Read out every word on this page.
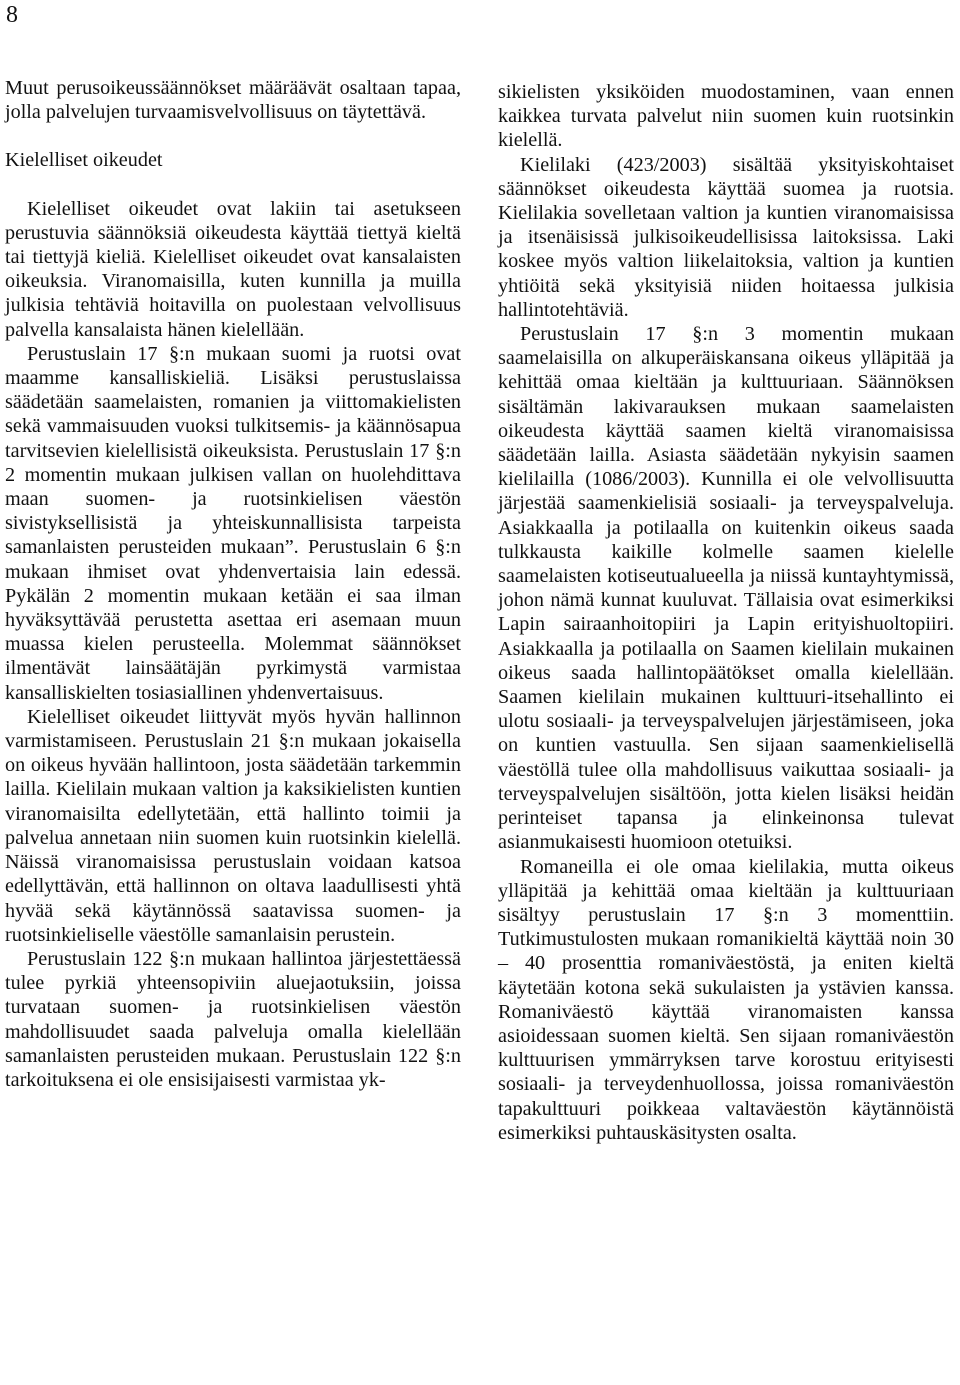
8

Muut perusoikeussäännökset määräävät osaltaan tapaa, jolla palvelujen turvaamisvelvollisuus on täytettävä.

Kielelliset oikeudet

Kielelliset oikeudet ovat lakiin tai asetukseen perustuvia säännöksiä oikeudesta käyttää tiettyä kieltä tai tiettyjä kieliä. Kielelliset oikeudet ovat kansalaisten oikeuksia. Viranomaisilla, kuten kunnilla ja muilla julkisia tehtäviä hoitavilla on puolestaan velvollisuus palvella kansalaista hänen kielellään.

Perustuslain 17 §:n mukaan suomi ja ruotsi ovat maamme kansalliskieliä. Lisäksi perustuslaissa säädetään saamelaisten, romanien ja viittomakielisten sekä vammaisuuden vuoksi tulkitsemis- ja käännösapua tarvitsevien kielellisistä oikeuksista. Perustuslain 17 §:n 2 momentin mukaan julkisen vallan on huolehdittava maan suomen- ja ruotsinkielisen väestön sivistyksellisistä ja yhteiskunnallisista tarpeista samanlaisten perusteiden mukaan”. Perustuslain 6 §:n mukaan ihmiset ovat yhdenvertaisia lain edessä. Pykälän 2 momentin mukaan ketään ei saa ilman hyväksyttävää perustetta asettaa eri asemaan muun muassa kielen perusteella. Molemmat säännökset ilmentävät lainsäätäjän pyrkimystä varmistaa kansalliskielten tosiasiallinen yhdenvertaisuus.

Kielelliset oikeudet liittyvät myös hyvän hallinnon varmistamiseen. Perustuslain 21 §:n mukaan jokaisella on oikeus hyvään hallintoon, josta säädetään tarkemmin lailla. Kielilain mukaan valtion ja kaksikielisten kuntien viranomaisilta edellytetään, että hallinto toimii ja palvelua annetaan niin suomen kuin ruotsinkin kielellä. Näissä viranomaisissa perustuslain voidaan katsoa edellyttävän, että hallinnon on oltava laadullisesti yhtä hyvää sekä käytännössä saatavissa suomen- ja ruotsinkieliselle väestölle samanlaisin perustein.

Perustuslain 122 §:n mukaan hallintoa järjestettäessä tulee pyrkiä yhteensopiviin aluejaotuksiin, joissa turvataan suomen- ja ruotsinkielisen väestön mahdollisuudet saada palveluja omalla kielellään samanlaisten perusteiden mukaan. Perustuslain 122 §:n tarkoituksena ei ole ensisijaisesti varmistaa yk-

sikielisten yksiköiden muodostaminen, vaan ennen kaikkea turvata palvelut niin suomen kuin ruotsinkin kielellä.

Kielilaki (423/2003) sisältää yksityiskohtaiset säännökset oikeudesta käyttää suomea ja ruotsia. Kielilakia sovelletaan valtion ja kuntien viranomaisissa ja itsenäisissä julkisoikeudellisissa laitoksissa. Laki koskee myös valtion liikelaitoksia, valtion ja kuntien yhtiöitä sekä yksityisiä niiden hoitaessa julkisia hallintotehtäviä.

Perustuslain 17 §:n 3 momentin mukaan saamelaisilla on alkuperäiskansana oikeus ylläpitää ja kehittää omaa kieltään ja kulttuuriaan. Säännöksen sisältämän lakivarauksen mukaan saamelaisten oikeudesta käyttää saamen kieltä viranomaisissa säädetään lailla. Asiasta säädetään nykyisin saamen kielilailla (1086/2003). Kunnilla ei ole velvollisuutta järjestää saamenkielisiä sosiaali- ja terveyspalveluja. Asiakkaalla ja potilaalla on kuitenkin oikeus saada tulkkausta kaikille kolmelle saamen kielelle saamelaisten kotiseutualueella ja niissä kuntayhtymissä, johon nämä kunnat kuuluvat. Tällaisia ovat esimerkiksi Lapin sairaanhoitopiiri ja Lapin erityishuoltopiiri. Asiakkaalla ja potilaalla on Saamen kielilain mukainen oikeus saada hallintopäätökset omalla kielellään. Saamen kielilain mukainen kulttuuri-itsehallinto ei ulotu sosiaali- ja terveyspalvelujen järjestämiseen, joka on kuntien vastuulla. Sen sijaan saamenkielisellä väestöllä tulee olla mahdollisuus vaikuttaa sosiaali- ja terveyspalvelujen sisältöön, jotta kielen lisäksi heidän perinteiset tapansa ja elinkeinonsa tulevat asianmukaisesti huomioon otetuiksi.

Romaneilla ei ole omaa kielilakia, mutta oikeus ylläpitää ja kehittää omaa kieltään ja kulttuuriaan sisältyy perustuslain 17 §:n 3 momenttiin. Tutkimustulosten mukaan romanikieltä käyttää noin 30 – 40 prosenttia romaniväestöstä, ja eniten kieltä käytetään kotona sekä sukulaisten ja ystävien kanssa. Romaniväestö käyttää viranomaisten kanssa asioidessaan suomen kieltä. Sen sijaan romaniväestön kulttuurisen ymmärryksen tarve korostuu erityisesti sosiaali- ja terveydenhuollossa, joissa romaniväestön tapakulttuuri poikkeaa valtaväestön käytännöistä esimerkiksi puhtauskäsitysten osalta.
